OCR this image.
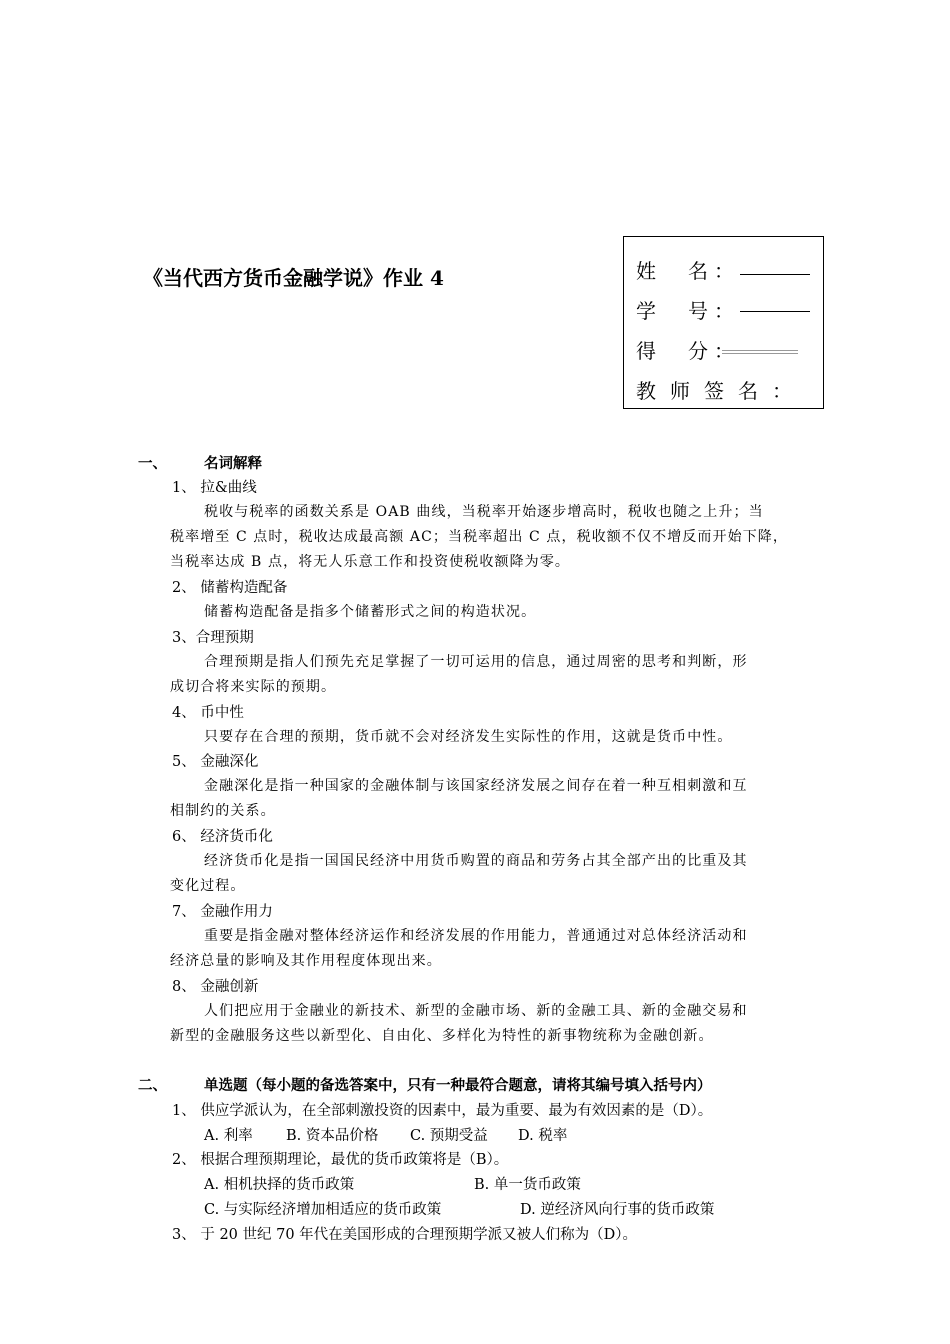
《当代西方货币金融学说》作业 4	姓　名：
学　号：
得　分：
教师签名：
一、	名词解释
1、 拉&曲线
税收与税率的函数关系是 OAB 曲线，当税率开始逐步增高时，税收也随之上升；当
税率增至 C 点时，税收达成最高额 AC；当税率超出 C 点，税收额不仅不增反而开始下降，
当税率达成 B 点，将无人乐意工作和投资使税收额降为零。
2、 储蓄构造配备
储蓄构造配备是指多个储蓄形式之间的构造状况。
3、合理预期
合理预期是指人们预先充足掌握了一切可运用的信息，通过周密的思考和判断，形
成切合将来实际的预期。
4、 币中性
只要存在合理的预期，货币就不会对经济发生实际性的作用，这就是货币中性。
5、 金融深化
金融深化是指一种国家的金融体制与该国家经济发展之间存在着一种互相刺激和互
相制约的关系。
6、 经济货币化
经济货币化是指一国国民经济中用货币购置的商品和劳务占其全部产出的比重及其
变化过程。
7、 金融作用力
重要是指金融对整体经济运作和经济发展的作用能力，普通通过对总体经济活动和
经济总量的影响及其作用程度体现出来。
8、 金融创新
人们把应用于金融业的新技术、新型的金融市场、新的金融工具、新的金融交易和
新型的金融服务这些以新型化、自由化、多样化为特性的新事物统称为金融创新。
二、	单选题（每小题的备选答案中，只有一种最符合题意，请将其编号填入括号内）
1、 供应学派认为，在全部刺激投资的因素中，最为重要、最为有效因素的是（D）。
A. 利率 B. 资本品价格 C. 预期受益 D. 税率
2、 根据合理预期理论，最优的货币政策将是（B）。
A. 相机抉择的货币政策	B. 单一货币政策
C. 与实际经济增加相适应的货币政策	D. 逆经济风向行事的货币政策
3、 于 20 世纪 70 年代在美国形成的合理预期学派又被人们称为（D）。
